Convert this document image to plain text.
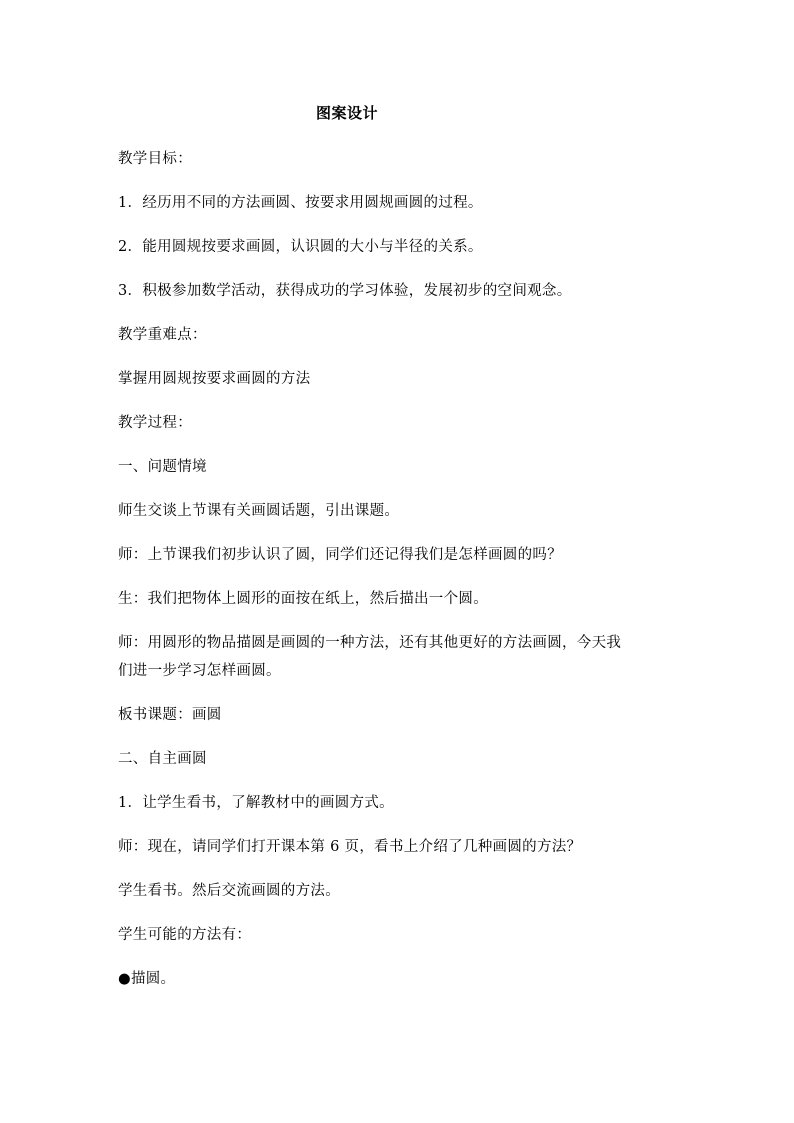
图案设计
教学目标：
1．经历用不同的方法画圆、按要求用圆规画圆的过程。
2．能用圆规按要求画圆，认识圆的大小与半径的关系。
3．积极参加数学活动，获得成功的学习体验，发展初步的空间观念。
教学重难点：
掌握用圆规按要求画圆的方法
教学过程：
一、问题情境
师生交谈上节课有关画圆话题，引出课题。
师：上节课我们初步认识了圆，同学们还记得我们是怎样画圆的吗？
生：我们把物体上圆形的面按在纸上，然后描出一个圆。
师：用圆形的物品描圆是画圆的一种方法，还有其他更好的方法画圆，今天我
们进一步学习怎样画圆。
板书课题：画圆
二、自主画圆
1．让学生看书，了解教材中的画圆方式。
师：现在，请同学们打开课本第 6 页，看书上介绍了几种画圆的方法？
学生看书。然后交流画圆的方法。
学生可能的方法有：
●描圆。
